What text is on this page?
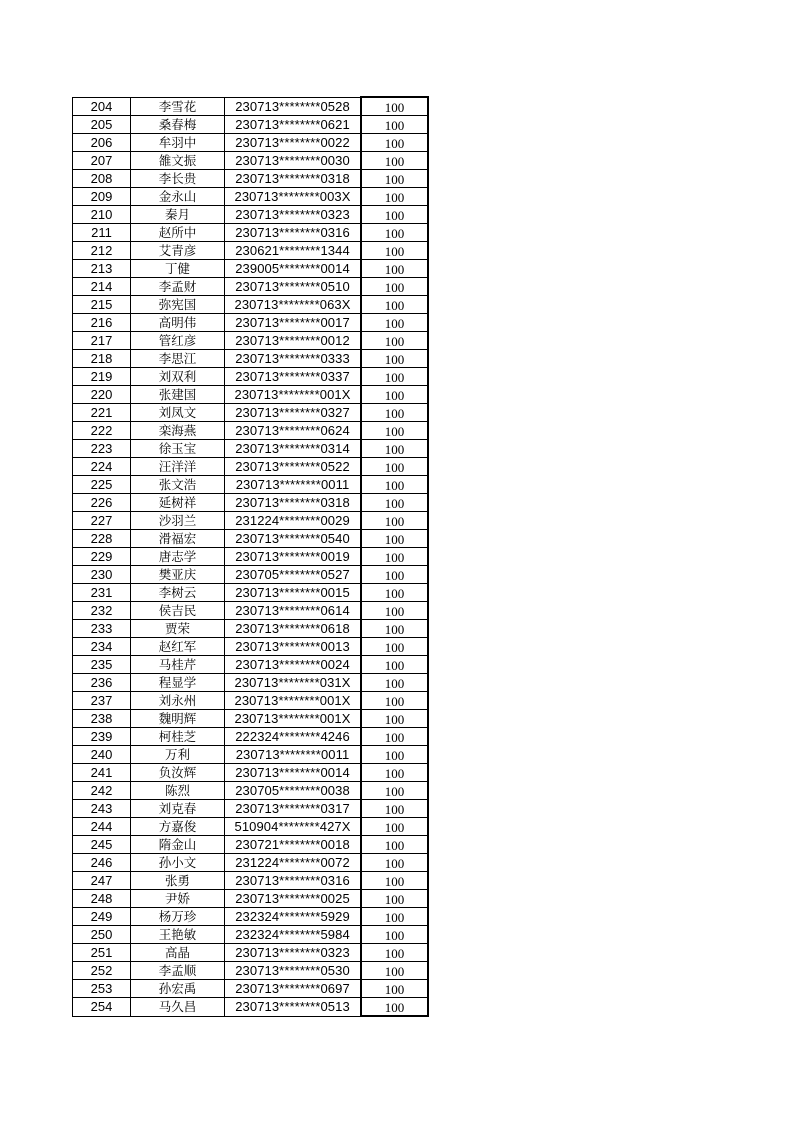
204	李雪花	230713********0528	100
205	桑春梅	230713********0621	100
206	牟羽中	230713********0022	100
207	雒文振	230713********0030	100
208	李长贵	230713********0318	100
209	金永山	230713********003X	100
210	秦月	230713********0323	100
211	赵所中	230713********0316	100
212	艾青彦	230621********1344	100
213	丁健	239005********0014	100
214	李孟财	230713********0510	100
215	弥宪国	230713********063X	100
216	高明伟	230713********0017	100
217	管红彦	230713********0012	100
218	李思江	230713********0333	100
219	刘双利	230713********0337	100
220	张建国	230713********001X	100
221	刘凤文	230713********0327	100
222	栾海燕	230713********0624	100
223	徐玉宝	230713********0314	100
224	汪洋洋	230713********0522	100
225	张文浩	230713********0011	100
226	延树祥	230713********0318	100
227	沙羽兰	231224********0029	100
228	滑福宏	230713********0540	100
229	唐志学	230713********0019	100
230	樊亚庆	230705********0527	100
231	李树云	230713********0015	100
232	侯吉民	230713********0614	100
233	贾荣	230713********0618	100
234	赵红军	230713********0013	100
235	马桂芹	230713********0024	100
236	程显学	230713********031X	100
237	刘永州	230713********001X	100
238	魏明辉	230713********001X	100
239	柯桂芝	222324********4246	100
240	万利	230713********0011	100
241	负汝辉	230713********0014	100
242	陈烈	230705********0038	100
243	刘克春	230713********0317	100
244	方嘉俊	510904********427X	100
245	隋金山	230721********0018	100
246	孙小文	231224********0072	100
247	张勇	230713********0316	100
248	尹娇	230713********0025	100
249	杨万珍	232324********5929	100
250	王艳敏	232324********5984	100
251	高晶	230713********0323	100
252	李孟顺	230713********0530	100
253	孙宏禹	230713********0697	100
254	马久昌	230713********0513	100
